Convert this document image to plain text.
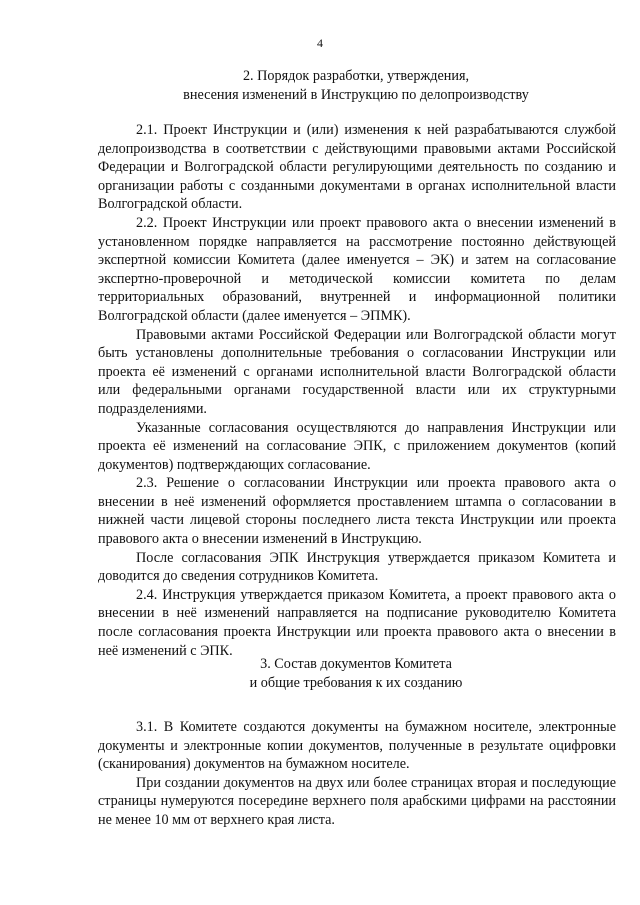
4
2. Порядок разработки, утверждения,
внесения изменений в Инструкцию по делопроизводству

2.1. Проект Инструкции и (или) изменения к ней разрабатываются службой делопроизводства в соответствии с действующими правовыми актами Российской Федерации и Волгоградской области регулирующими деятельность по созданию и организации работы с созданными документами в органах исполнительной власти Волгоградской области.

2.2. Проект Инструкции или проект правового акта о внесении изменений в установленном порядке направляется на рассмотрение постоянно действующей экспертной комиссии Комитета (далее именуется – ЭК) и затем на согласование экспертно-проверочной и методической комиссии комитета по делам территориальных образований, внутренней и информационной политики Волгоградской области (далее именуется – ЭПМК).

Правовыми актами Российской Федерации или Волгоградской области могут быть установлены дополнительные требования о согласовании Инструкции или проекта её изменений с органами исполнительной власти Волгоградской области или федеральными органами государственной власти или их структурными подразделениями.

Указанные согласования осуществляются до направления Инструкции или проекта её изменений на согласование ЭПК, с приложением документов (копий документов) подтверждающих согласование.

2.3. Решение о согласовании Инструкции или проекта правового акта о внесении в неё изменений оформляется проставлением штампа о согласовании в нижней части лицевой стороны последнего листа текста Инструкции или проекта правового акта о внесении изменений в Инструкцию.

После согласования ЭПК Инструкция утверждается приказом Комитета и доводится до сведения сотрудников Комитета.

2.4. Инструкция утверждается приказом Комитета, а проект правового акта о внесении в неё изменений направляется на подписание руководителю Комитета после согласования проекта Инструкции или проекта правового акта о внесении в неё изменений с ЭПК.

3. Состав документов Комитета
и общие требования к их созданию

3.1. В Комитете создаются документы на бумажном носителе, электронные документы и электронные копии документов, полученные в результате оцифровки (сканирования) документов на бумажном носителе.

При создании документов на двух или более страницах вторая и последующие страницы нумеруются посередине верхнего поля арабскими цифрами на расстоянии не менее 10 мм от верхнего края листа.
